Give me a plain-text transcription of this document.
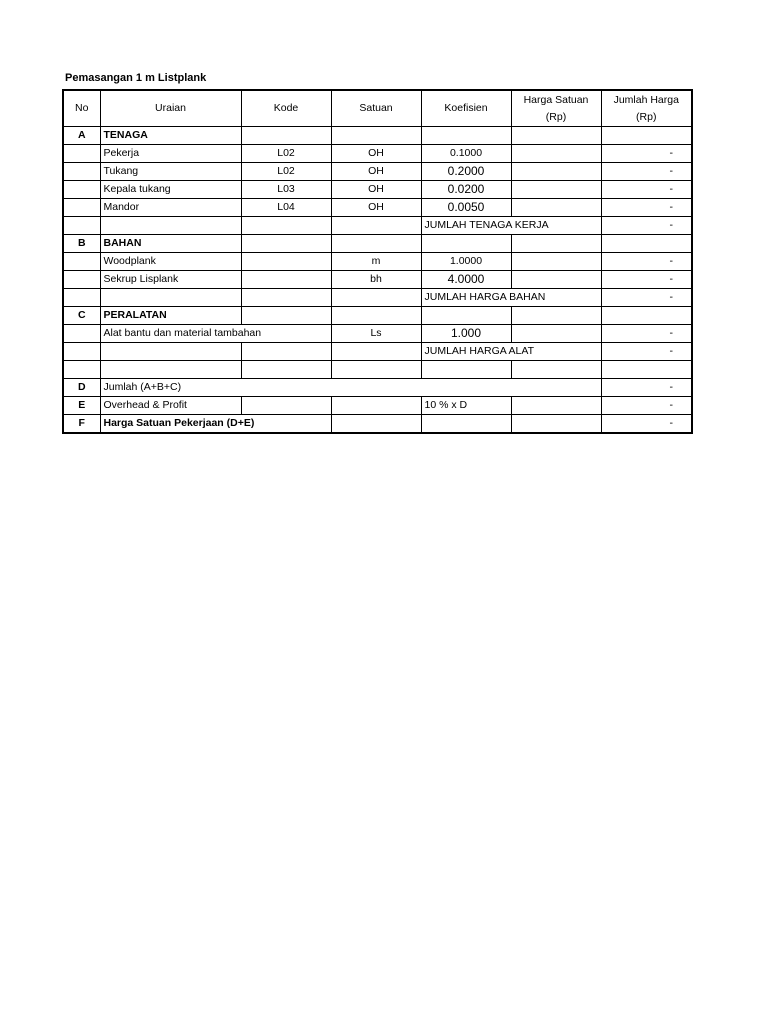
Pemasangan 1 m Listplank
No	Uraian	Kode	Satuan	Koefisien	Harga Satuan (Rp)	Jumlah Harga (Rp)
A	TENAGA					
	Pekerja	L02	OH	0.1000		-
	Tukang	L02	OH	0.2000		-
	Kepala tukang	L03	OH	0.0200		-
	Mandor	L04	OH	0.0050		-
				JUMLAH TENAGA KERJA		-
B	BAHAN					
	Woodplank		m	1.0000		-
	Sekrup Lisplank		bh	4.0000		-
				JUMLAH HARGA BAHAN		-
C	PERALATAN					
	Alat bantu dan material tambahan		Ls	1.000		-
				JUMLAH HARGA ALAT		-

D	Jumlah (A+B+C)					-
E	Overhead & Profit			10 % x D		-
F	Harga Satuan Pekerjaan (D+E)					-
